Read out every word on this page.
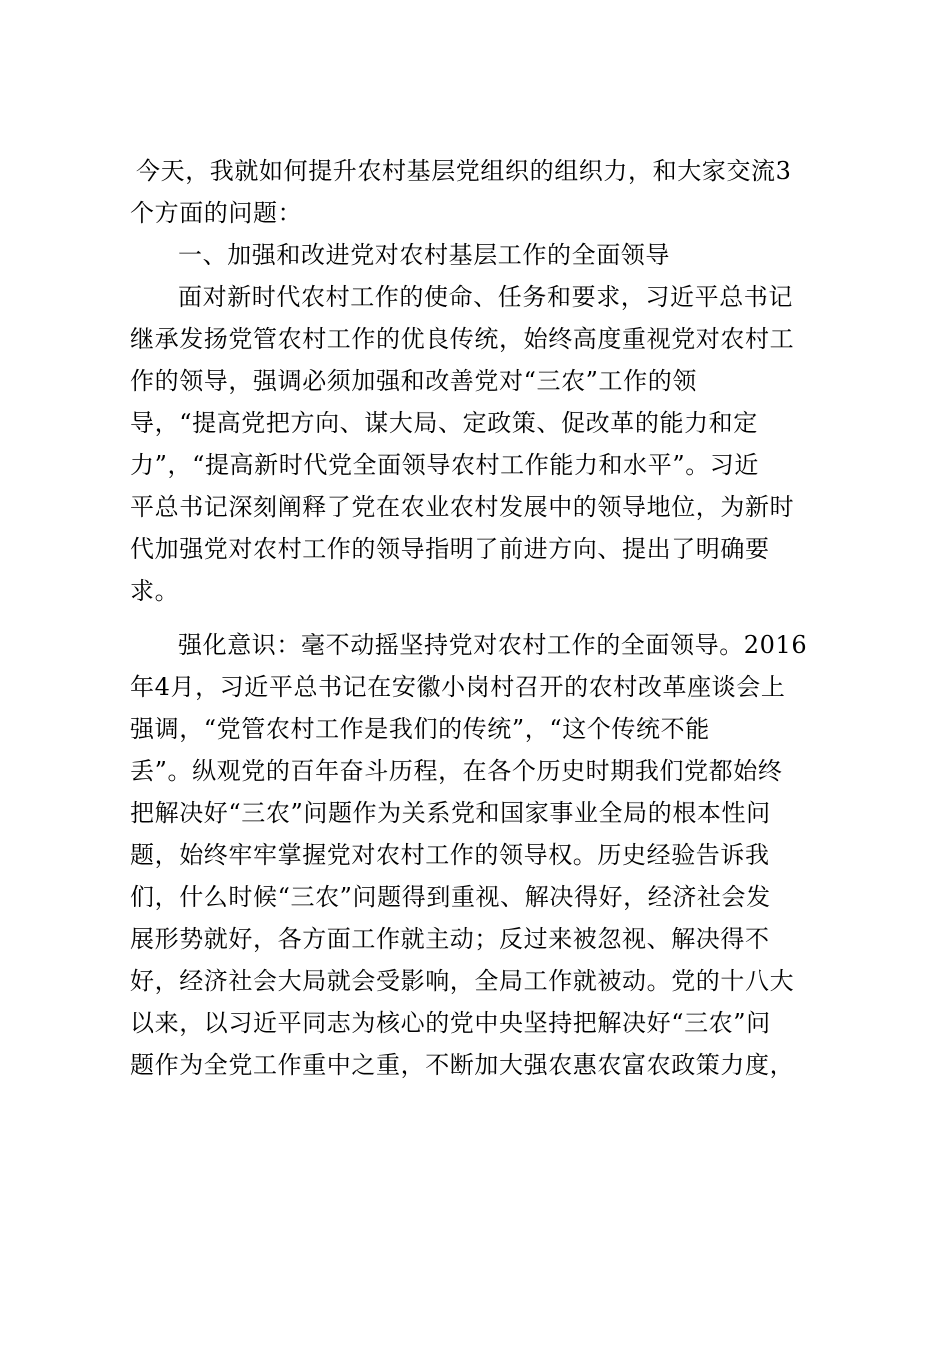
今天，我就如何提升农村基层党组织的组织力，和大家交流3
个方面的问题：
一、加强和改进党对农村基层工作的全面领导
面对新时代农村工作的使命、任务和要求，习近平总书记
继承发扬党管农村工作的优良传统，始终高度重视党对农村工
作的领导，强调必须加强和改善党对“三农”工作的领
导，“提高党把方向、谋大局、定政策、促改革的能力和定
力”，“提高新时代党全面领导农村工作能力和水平”。习近
平总书记深刻阐释了党在农业农村发展中的领导地位，为新时
代加强党对农村工作的领导指明了前进方向、提出了明确要
求。
强化意识：毫不动摇坚持党对农村工作的全面领导。2016
年4月，习近平总书记在安徽小岗村召开的农村改革座谈会上
强调，“党管农村工作是我们的传统”，“这个传统不能
丢”。纵观党的百年奋斗历程，在各个历史时期我们党都始终
把解决好“三农”问题作为关系党和国家事业全局的根本性问
题，始终牢牢掌握党对农村工作的领导权。历史经验告诉我
们，什么时候“三农”问题得到重视、解决得好，经济社会发
展形势就好，各方面工作就主动；反过来被忽视、解决得不
好，经济社会大局就会受影响，全局工作就被动。党的十八大
以来，以习近平同志为核心的党中央坚持把解决好“三农”问
题作为全党工作重中之重，不断加大强农惠农富农政策力度，
